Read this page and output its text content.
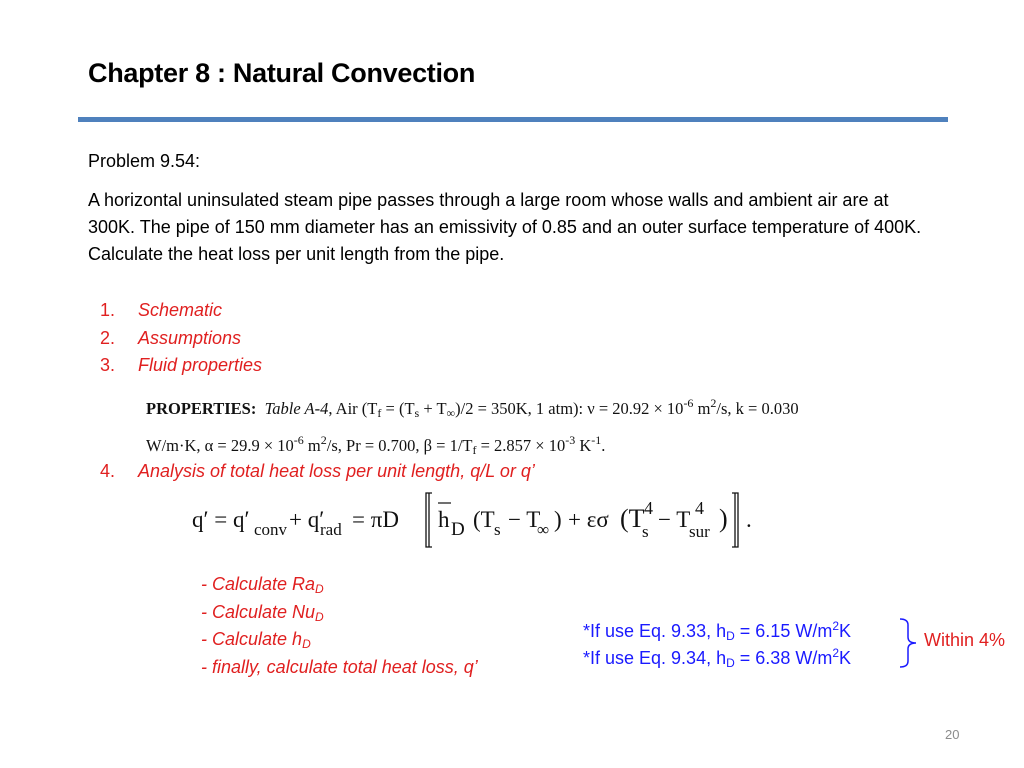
Chapter 8 : Natural Convection
Problem 9.54:
A horizontal uninsulated steam pipe passes through a large room whose walls and ambient air are at 300K. The pipe of 150 mm diameter has an emissivity of 0.85 and an outer surface temperature of 400K. Calculate the heat loss per unit length from the pipe.
1.	Schematic
2.	Assumptions
3.	Fluid properties
PROPERTIES: Table A-4, Air ($T_f = (T_s + T_\infty)/2 = 350K$, 1 atm): $\nu = 20.92 \times 10^{-6}$ $m^2/s$, k = 0.030
W/m·K, $\alpha = 29.9 \times 10^{-6}$ $m^2/s$, Pr = 0.700, $\beta = 1/T_f = 2.857 \times 10^{-3}$ $K^{-1}$.
4.	Analysis of total heat loss per unit length, q/L or q’
q′ = q′ conv + q′
rad = πD h D (T s − T
∞ ) + εσ (T
s
4 − T
sur
4 ) .
- Calculate $Ra_D$
- Calculate $Nu_D$
- Calculate $h_D$
- finally, calculate total heat loss, q’
*If use Eq. 9.33, $h_D = 6.15$ $W/m^2K$
*If use Eq. 9.34, $h_D = 6.38$ $W/m^2K$
Within 4%
20
